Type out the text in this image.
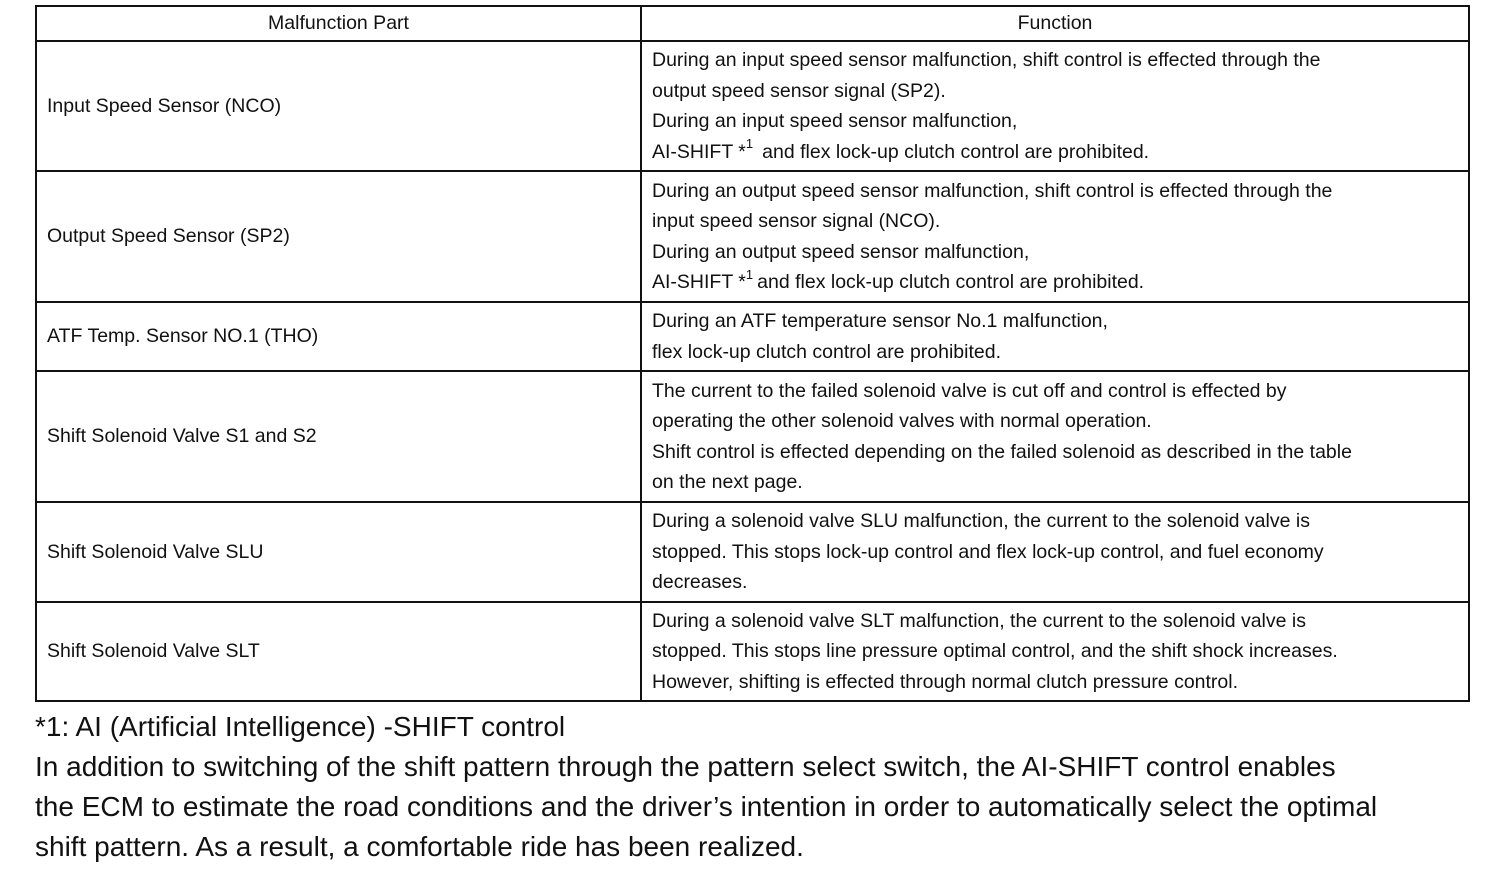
Malfunction Part	Function
Input Speed Sensor (NCO)	During an input speed sensor malfunction, shift control is effected through the
output speed sensor signal (SP2).
During an input speed sensor malfunction,
AI-SHIFT *$^1$ and flex lock-up clutch control are prohibited.

Output Speed Sensor (SP2)	During an output speed sensor malfunction, shift control is effected through the
input speed sensor signal (NCO).
During an output speed sensor malfunction,
AI-SHIFT *$^1$ and flex lock-up clutch control are prohibited.

ATF Temp. Sensor NO.1 (THO)	During an ATF temperature sensor No.1 malfunction,
flex lock-up clutch control are prohibited.

Shift Solenoid Valve S1 and S2	The current to the failed solenoid valve is cut off and control is effected by
operating the other solenoid valves with normal operation.
Shift control is effected depending on the failed solenoid as described in the table
on the next page.

Shift Solenoid Valve SLU	During a solenoid valve SLU malfunction, the current to the solenoid valve is
stopped. This stops lock-up control and flex lock-up control, and fuel economy
decreases.

Shift Solenoid Valve SLT	During a solenoid valve SLT malfunction, the current to the solenoid valve is
stopped. This stops line pressure optimal control, and the shift shock increases.
However, shifting is effected through normal clutch pressure control.
*1: AI (Artificial Intelligence) -SHIFT control
In addition to switching of the shift pattern through the pattern select switch, the AI-SHIFT control enables
the ECM to estimate the road conditions and the driver’s intention in order to automatically select the optimal
shift pattern. As a result, a comfortable ride has been realized.
